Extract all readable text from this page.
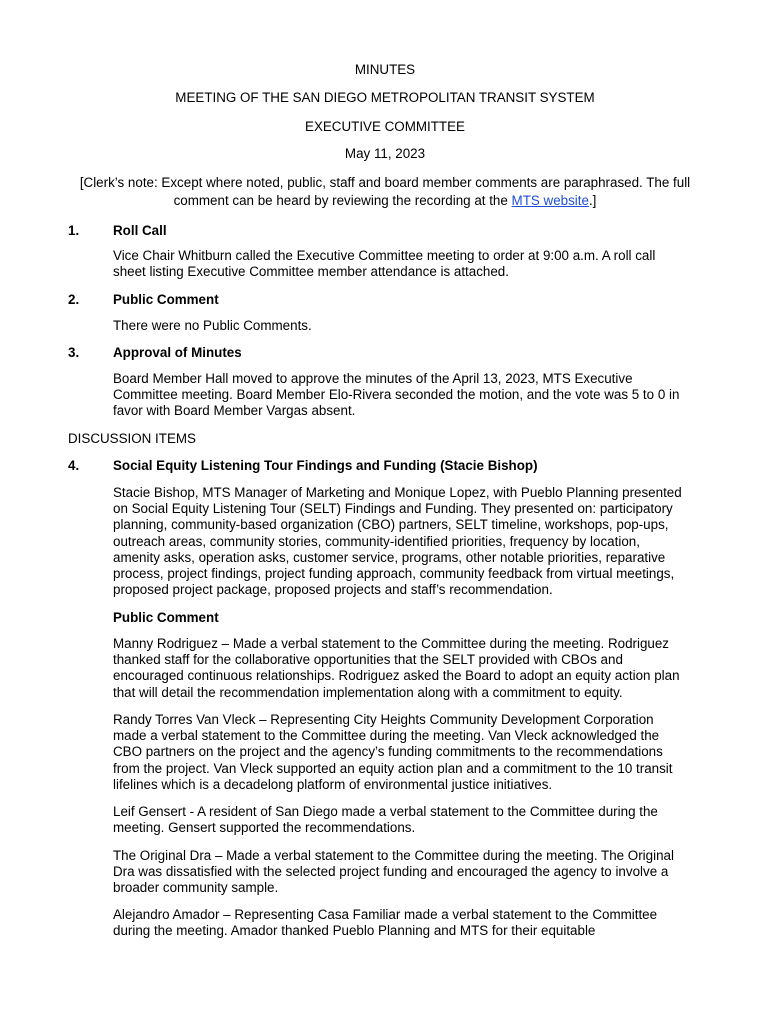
MINUTES
MEETING OF THE SAN DIEGO METROPOLITAN TRANSIT SYSTEM
EXECUTIVE COMMITTEE
May 11, 2023
[Clerk’s note: Except where noted, public, staff and board member comments are paraphrased. The full
comment can be heard by reviewing the recording at the MTS website.]
1.	Roll Call
Vice Chair Whitburn called the Executive Committee meeting to order at 9:00 a.m. A roll call
sheet listing Executive Committee member attendance is attached.
2.	Public Comment
There were no Public Comments.
3.	Approval of Minutes
Board Member Hall moved to approve the minutes of the April 13, 2023, MTS Executive
Committee meeting. Board Member Elo-Rivera seconded the motion, and the vote was 5 to 0 in
favor with Board Member Vargas absent.
DISCUSSION ITEMS
4.	Social Equity Listening Tour Findings and Funding (Stacie Bishop)
Stacie Bishop, MTS Manager of Marketing and Monique Lopez, with Pueblo Planning presented
on Social Equity Listening Tour (SELT) Findings and Funding. They presented on: participatory
planning, community-based organization (CBO) partners, SELT timeline, workshops, pop-ups,
outreach areas, community stories, community-identified priorities, frequency by location,
amenity asks, operation asks, customer service, programs, other notable priorities, reparative
process, project findings, project funding approach, community feedback from virtual meetings,
proposed project package, proposed projects and staff’s recommendation.
Public Comment
Manny Rodriguez – Made a verbal statement to the Committee during the meeting. Rodriguez
thanked staff for the collaborative opportunities that the SELT provided with CBOs and
encouraged continuous relationships. Rodriguez asked the Board to adopt an equity action plan
that will detail the recommendation implementation along with a commitment to equity.
Randy Torres Van Vleck – Representing City Heights Community Development Corporation
made a verbal statement to the Committee during the meeting. Van Vleck acknowledged the
CBO partners on the project and the agency’s funding commitments to the recommendations
from the project. Van Vleck supported an equity action plan and a commitment to the 10 transit
lifelines which is a decadelong platform of environmental justice initiatives.
Leif Gensert - A resident of San Diego made a verbal statement to the Committee during the
meeting. Gensert supported the recommendations.
The Original Dra – Made a verbal statement to the Committee during the meeting. The Original
Dra was dissatisfied with the selected project funding and encouraged the agency to involve a
broader community sample.
Alejandro Amador – Representing Casa Familiar made a verbal statement to the Committee
during the meeting. Amador thanked Pueblo Planning and MTS for their equitable
